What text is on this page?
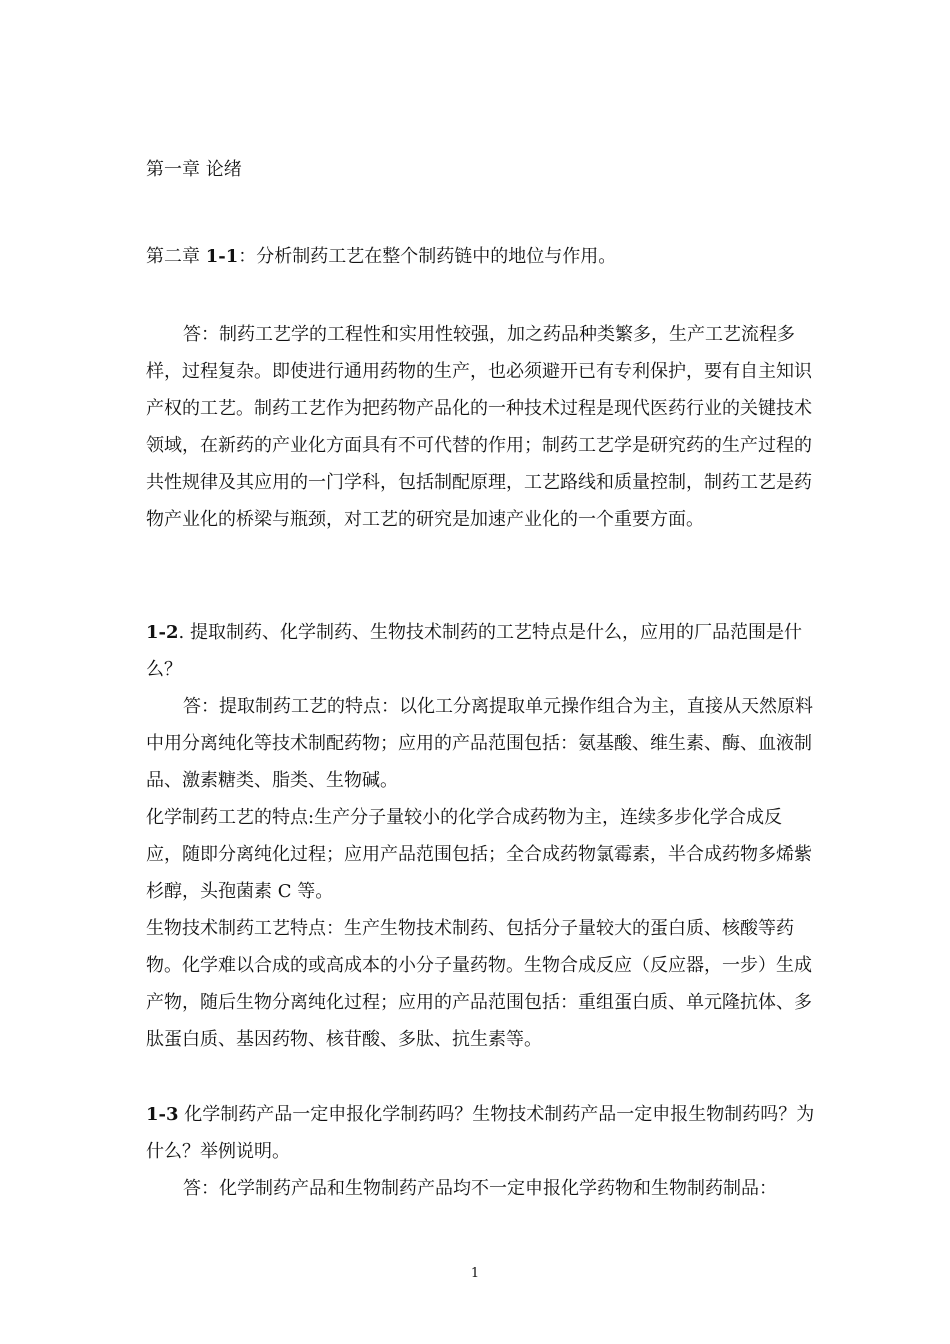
第一章 论绪

第二章 1-1：分析制药工艺在整个制药链中的地位与作用。

答：制药工艺学的工程性和实用性较强，加之药品种类繁多，生产工艺流程多样，过程复杂。即使进行通用药物的生产，也必须避开已有专利保护，要有自主知识产权的工艺。制药工艺作为把药物产品化的一种技术过程是现代医药行业的关键技术领域，在新药的产业化方面具有不可代替的作用；制药工艺学是研究药的生产过程的共性规律及其应用的一门学科，包括制配原理，工艺路线和质量控制，制药工艺是药物产业化的桥梁与瓶颈，对工艺的研究是加速产业化的一个重要方面。

1-2. 提取制药、化学制药、生物技术制药的工艺特点是什么，应用的厂品范围是什么？

答：提取制药工艺的特点：以化工分离提取单元操作组合为主，直接从天然原料中用分离纯化等技术制配药物；应用的产品范围包括：氨基酸、维生素、酶、血液制品、激素糖类、脂类、生物碱。

化学制药工艺的特点:生产分子量较小的化学合成药物为主，连续多步化学合成反应，随即分离纯化过程；应用产品范围包括；全合成药物氯霉素，半合成药物多烯紫杉醇，头孢菌素 C 等。

生物技术制药工艺特点：生产生物技术制药、包括分子量较大的蛋白质、核酸等药物。化学难以合成的或高成本的小分子量药物。生物合成反应（反应器，一步）生成产物，随后生物分离纯化过程；应用的产品范围包括：重组蛋白质、单元隆抗体、多肽蛋白质、基因药物、核苷酸、多肽、抗生素等。

1-3 化学制药产品一定申报化学制药吗？生物技术制药产品一定申报生物制药吗？为什么？举例说明。

答：化学制药产品和生物制药产品均不一定申报化学药物和生物制药制品：

1
